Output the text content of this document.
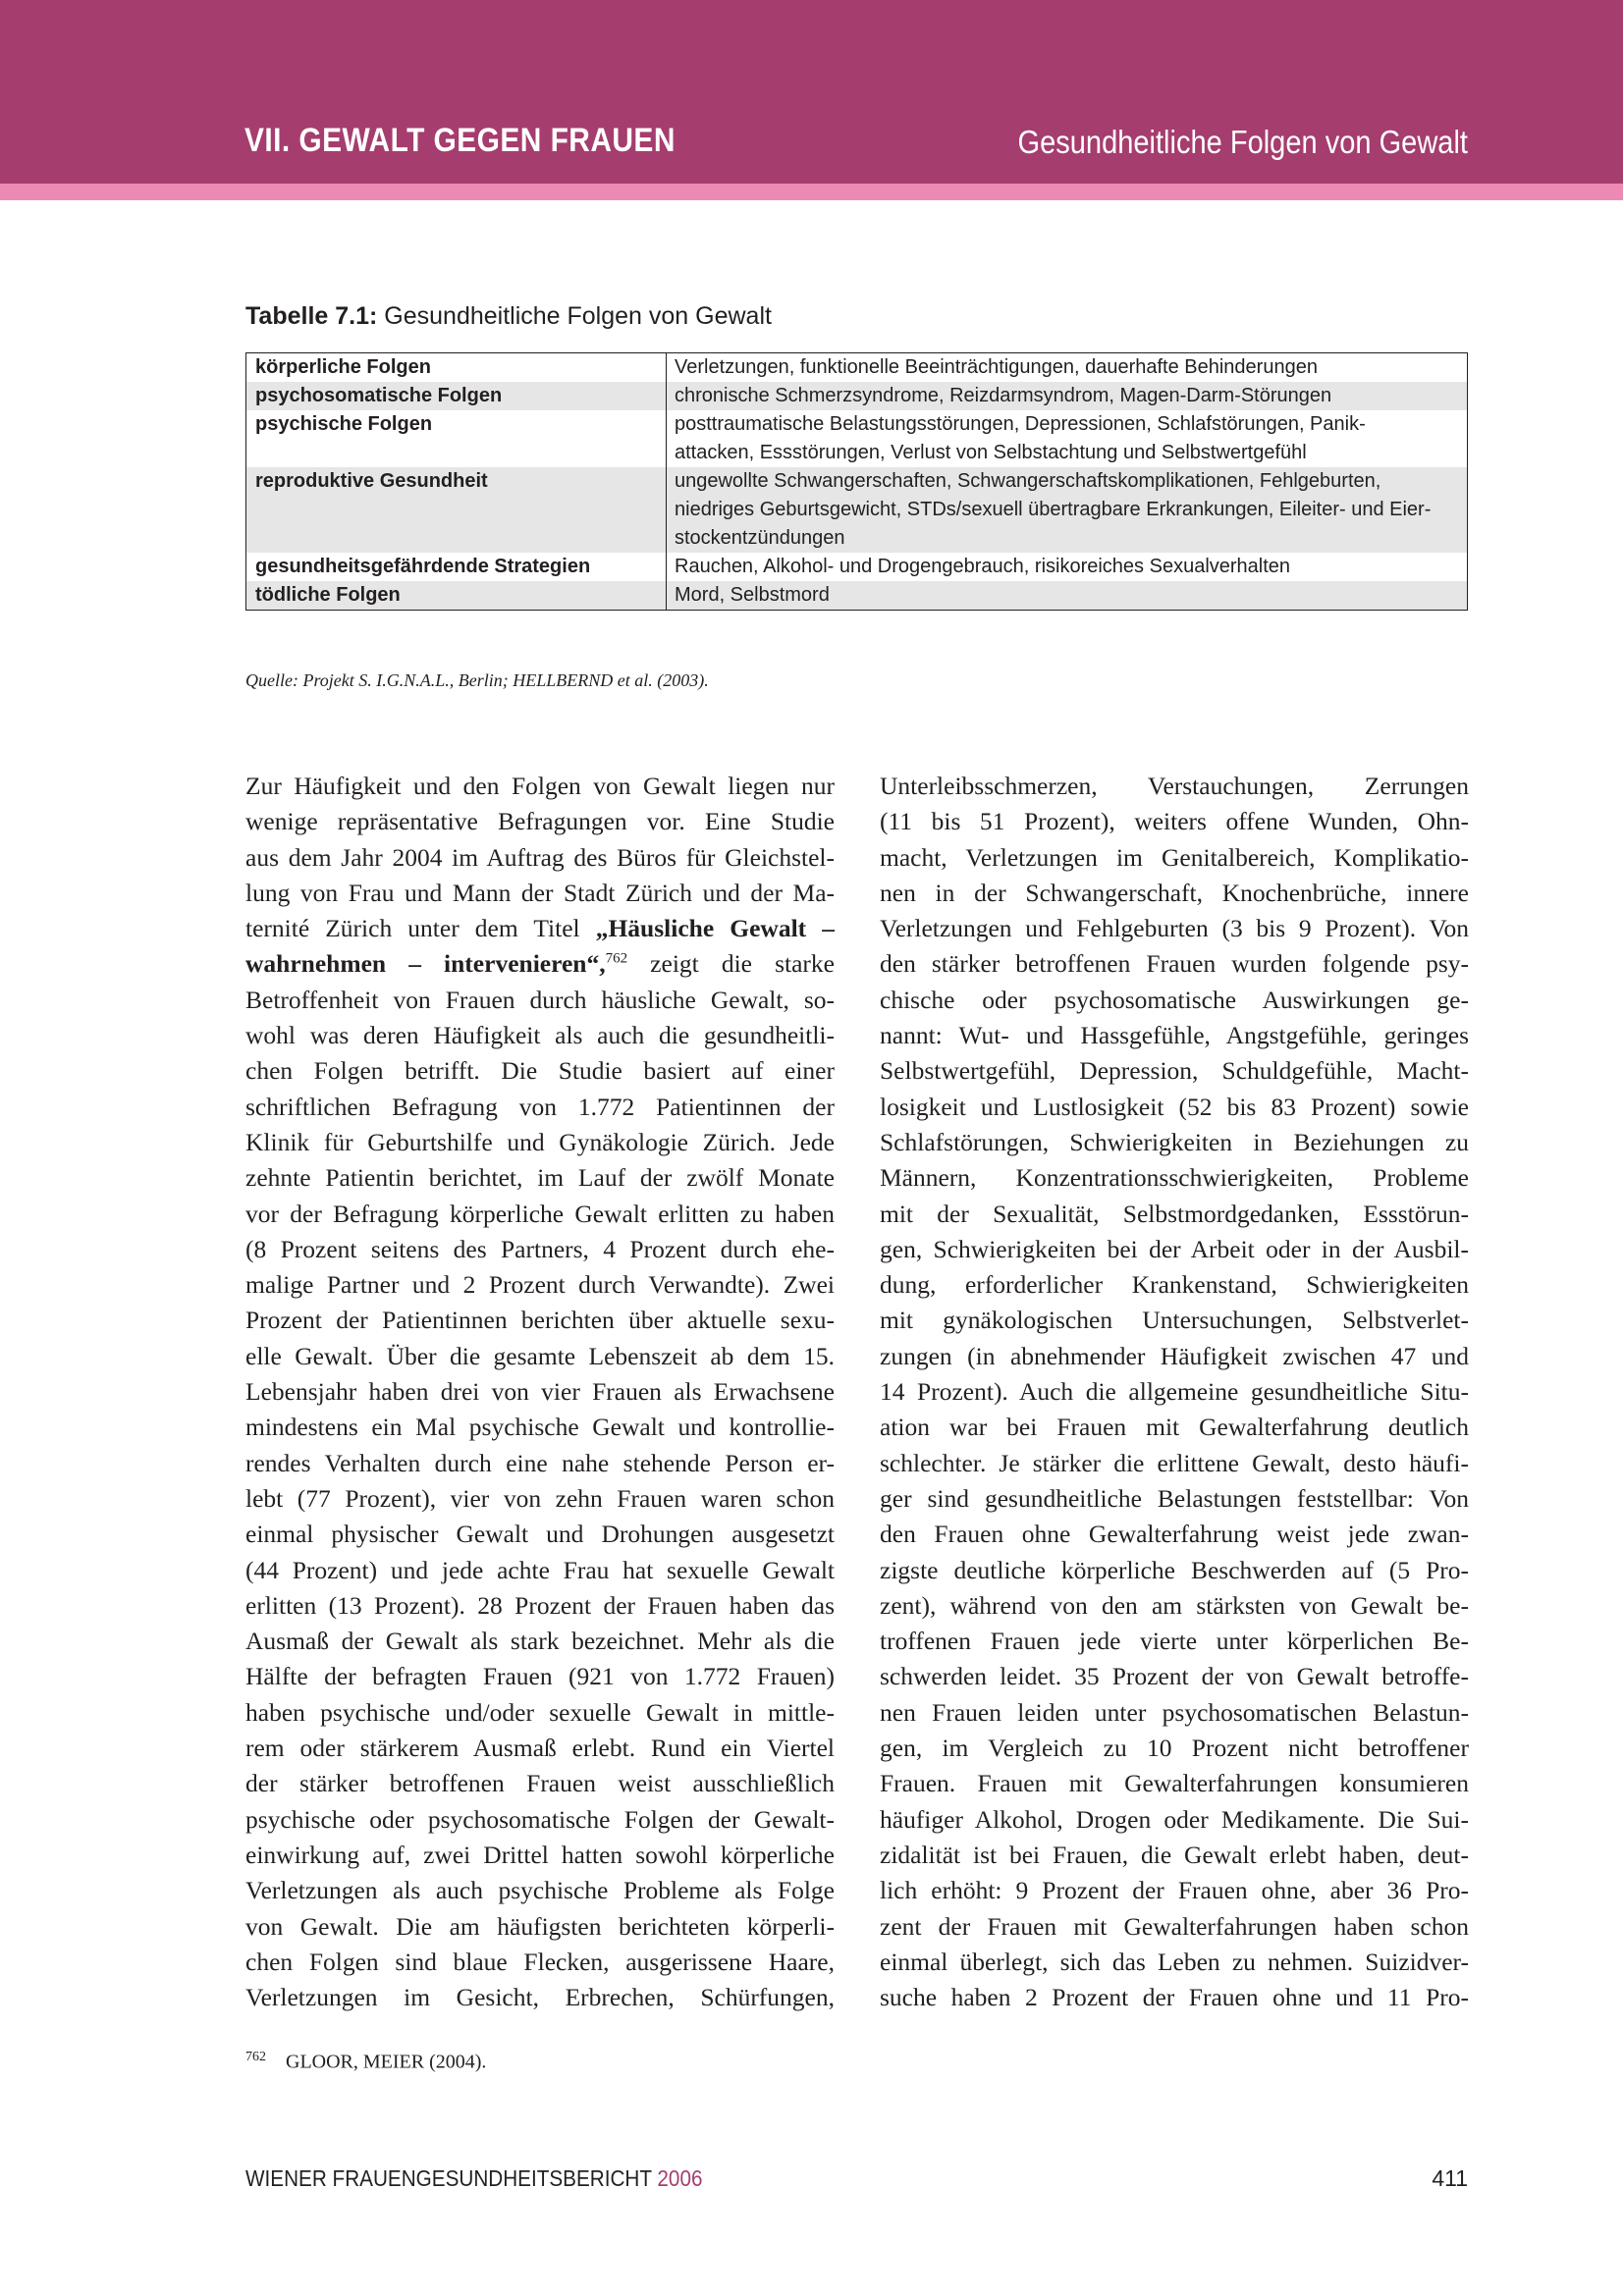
VII. GEWALT GEGEN FRAUEN	Gesundheitliche Folgen von Gewalt
Tabelle 7.1: Gesundheitliche Folgen von Gewalt
körperliche Folgen	Verletzungen, funktionelle Beeinträchtigungen, dauerhafte Behinderungen

psychosomatische Folgen	chronische Schmerzsyndrome, Reizdarmsyndrom, Magen-Darm-Störungen

psychische Folgen	posttraumatische Belastungsstörungen, Depressionen, Schlafstörungen, Panik-
attacken, Essstörungen, Verlust von Selbstachtung und Selbstwertgefühl

reproduktive Gesundheit	ungewollte Schwangerschaften, Schwangerschaftskomplikationen, Fehlgeburten,
niedriges Geburtsgewicht, STDs/sexuell übertragbare Erkrankungen, Eileiter- und Eier-
stockentzündungen

gesundheitsgefährdende Strategien	Rauchen, Alkohol- und Drogengebrauch, risikoreiches Sexualverhalten

tödliche Folgen	Mord, Selbstmord
Quelle: Projekt S. I.G.N.A.L., Berlin; HELLBERND et al. (2003).
Zur Häufigkeit und den Folgen von Gewalt liegen nur
wenige repräsentative Befragungen vor. Eine Studie
aus dem Jahr 2004 im Auftrag des Büros für Gleichstel-
lung von Frau und Mann der Stadt Zürich und der Ma-
ternité Zürich unter dem Titel „Häusliche Gewalt –
wahrnehmen – intervenieren“,$^{762}$ zeigt die starke
Betroffenheit von Frauen durch häusliche Gewalt, so-
wohl was deren Häufigkeit als auch die gesundheitli-
chen Folgen betrifft. Die Studie basiert auf einer
schriftlichen Befragung von 1.772 Patientinnen der
Klinik für Geburtshilfe und Gynäkologie Zürich. Jede
zehnte Patientin berichtet, im Lauf der zwölf Monate
vor der Befragung körperliche Gewalt erlitten zu haben
(8 Prozent seitens des Partners, 4 Prozent durch ehe-
malige Partner und 2 Prozent durch Verwandte). Zwei
Prozent der Patientinnen berichten über aktuelle sexu-
elle Gewalt. Über die gesamte Lebenszeit ab dem 15.
Lebensjahr haben drei von vier Frauen als Erwachsene
mindestens ein Mal psychische Gewalt und kontrollie-
rendes Verhalten durch eine nahe stehende Person er-
lebt (77 Prozent), vier von zehn Frauen waren schon
einmal physischer Gewalt und Drohungen ausgesetzt
(44 Prozent) und jede achte Frau hat sexuelle Gewalt
erlitten (13 Prozent). 28 Prozent der Frauen haben das
Ausmaß der Gewalt als stark bezeichnet. Mehr als die
Hälfte der befragten Frauen (921 von 1.772 Frauen)
haben psychische und/oder sexuelle Gewalt in mittle-
rem oder stärkerem Ausmaß erlebt. Rund ein Viertel
der stärker betroffenen Frauen weist ausschließlich
psychische oder psychosomatische Folgen der Gewalt-
einwirkung auf, zwei Drittel hatten sowohl körperliche
Verletzungen als auch psychische Probleme als Folge
von Gewalt. Die am häufigsten berichteten körperli-
chen Folgen sind blaue Flecken, ausgerissene Haare,
Verletzungen im Gesicht, Erbrechen, Schürfungen,
Unterleibsschmerzen, Verstauchungen, Zerrungen
(11 bis 51 Prozent), weiters offene Wunden, Ohn-
macht, Verletzungen im Genitalbereich, Komplikatio-
nen in der Schwangerschaft, Knochenbrüche, innere
Verletzungen und Fehlgeburten (3 bis 9 Prozent). Von
den stärker betroffenen Frauen wurden folgende psy-
chische oder psychosomatische Auswirkungen ge-
nannt: Wut- und Hassgefühle, Angstgefühle, geringes
Selbstwertgefühl, Depression, Schuldgefühle, Macht-
losigkeit und Lustlosigkeit (52 bis 83 Prozent) sowie
Schlafstörungen, Schwierigkeiten in Beziehungen zu
Männern, Konzentrationsschwierigkeiten, Probleme
mit der Sexualität, Selbstmordgedanken, Essstörun-
gen, Schwierigkeiten bei der Arbeit oder in der Ausbil-
dung, erforderlicher Krankenstand, Schwierigkeiten
mit gynäkologischen Untersuchungen, Selbstverlet-
zungen (in abnehmender Häufigkeit zwischen 47 und
14 Prozent). Auch die allgemeine gesundheitliche Situ-
ation war bei Frauen mit Gewalterfahrung deutlich
schlechter. Je stärker die erlittene Gewalt, desto häufi-
ger sind gesundheitliche Belastungen feststellbar: Von
den Frauen ohne Gewalterfahrung weist jede zwan-
zigste deutliche körperliche Beschwerden auf (5 Pro-
zent), während von den am stärksten von Gewalt be-
troffenen Frauen jede vierte unter körperlichen Be-
schwerden leidet. 35 Prozent der von Gewalt betroffe-
nen Frauen leiden unter psychosomatischen Belastun-
gen, im Vergleich zu 10 Prozent nicht betroffener
Frauen. Frauen mit Gewalterfahrungen konsumieren
häufiger Alkohol, Drogen oder Medikamente. Die Sui-
zidalität ist bei Frauen, die Gewalt erlebt haben, deut-
lich erhöht: 9 Prozent der Frauen ohne, aber 36 Pro-
zent der Frauen mit Gewalterfahrungen haben schon
einmal überlegt, sich das Leben zu nehmen. Suizidver-
suche haben 2 Prozent der Frauen ohne und 11 Pro-
$^{762}$ GLOOR, MEIER (2004).
WIENER FRAUENGESUNDHEITSBERICHT 2006	411
